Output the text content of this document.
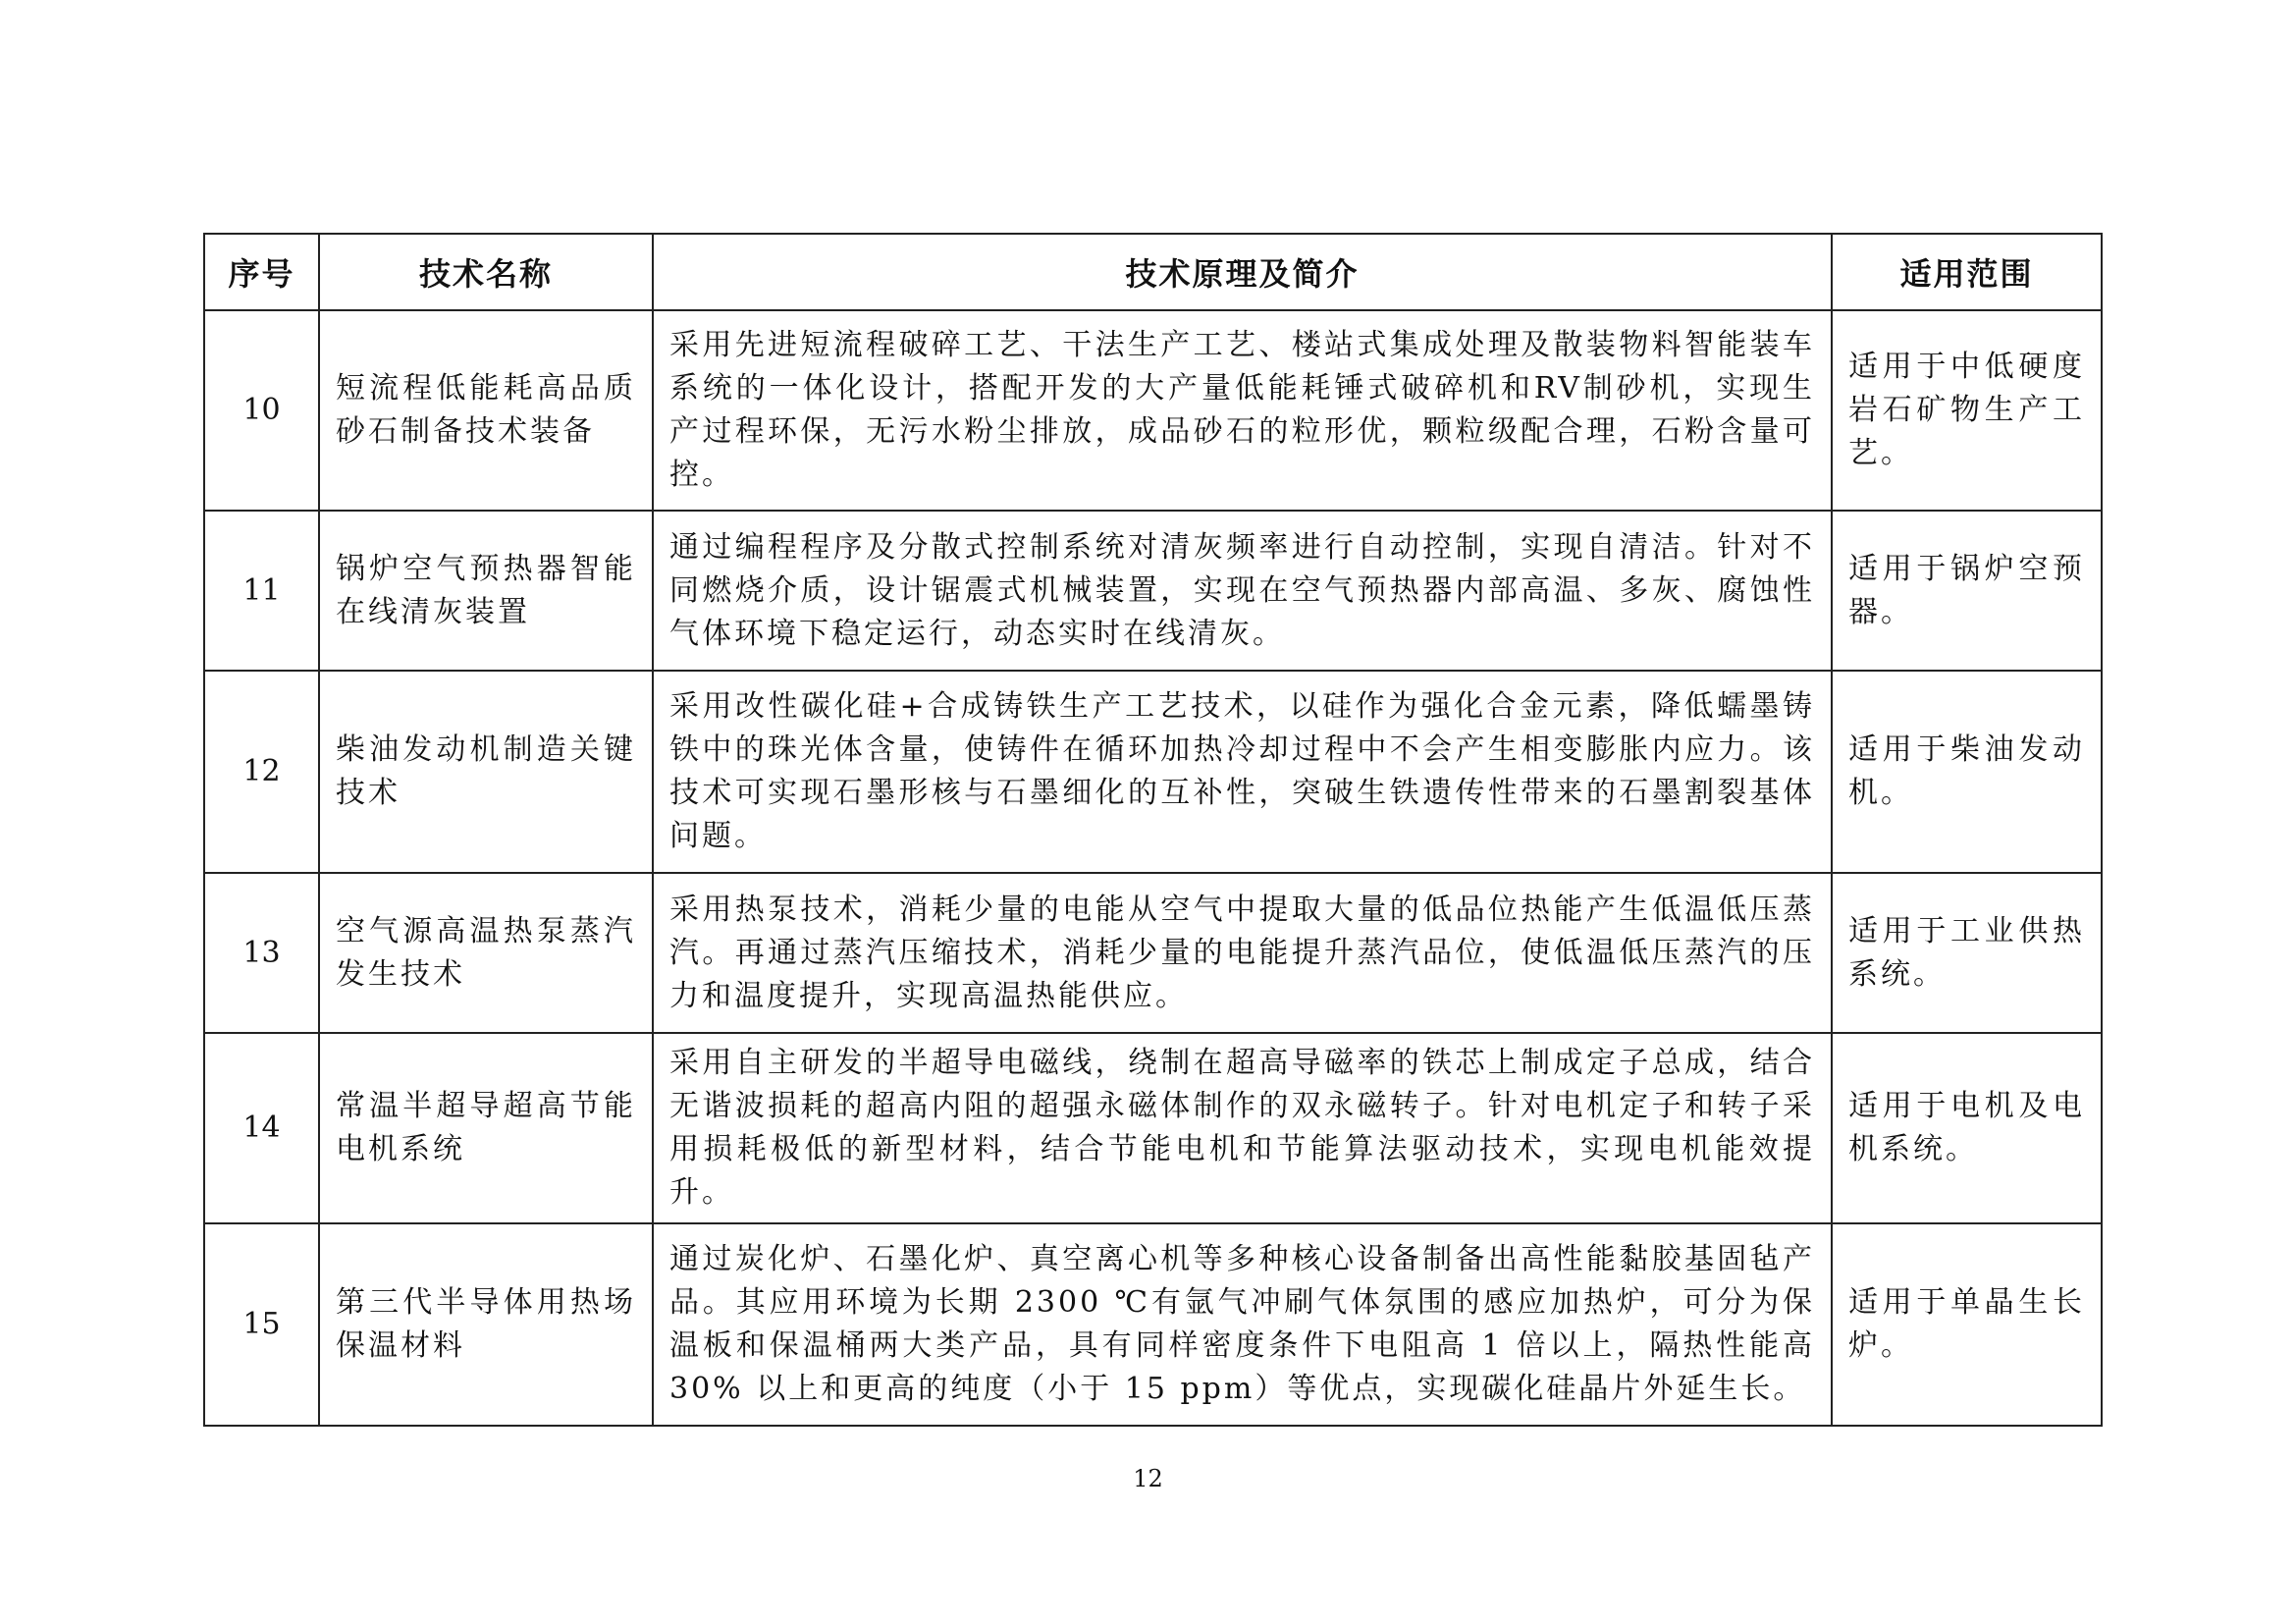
序号	技术名称	技术原理及简介	适用范围
10	短流程低能耗高品质砂石制备技术装备	采用先进短流程破碎工艺、干法生产工艺、楼站式集成处理及散装物料智能装车系统的一体化设计，搭配开发的大产量低能耗锤式破碎机和RV制砂机，实现生产过程环保，无污水粉尘排放，成品砂石的粒形优，颗粒级配合理，石粉含量可控。	适用于中低硬度岩石矿物生产工艺。
11	锅炉空气预热器智能在线清灰装置	通过编程程序及分散式控制系统对清灰频率进行自动控制，实现自清洁。针对不同燃烧介质，设计锯震式机械装置，实现在空气预热器内部高温、多灰、腐蚀性气体环境下稳定运行，动态实时在线清灰。	适用于锅炉空预器。
12	柴油发动机制造关键技术	采用改性碳化硅+合成铸铁生产工艺技术，以硅作为强化合金元素，降低蠕墨铸铁中的珠光体含量，使铸件在循环加热冷却过程中不会产生相变膨胀内应力。该技术可实现石墨形核与石墨细化的互补性，突破生铁遗传性带来的石墨割裂基体问题。	适用于柴油发动机。
13	空气源高温热泵蒸汽发生技术	采用热泵技术，消耗少量的电能从空气中提取大量的低品位热能产生低温低压蒸汽。再通过蒸汽压缩技术，消耗少量的电能提升蒸汽品位，使低温低压蒸汽的压力和温度提升，实现高温热能供应。	适用于工业供热系统。
14	常温半超导超高节能电机系统	采用自主研发的半超导电磁线，绕制在超高导磁率的铁芯上制成定子总成，结合无谐波损耗的超高内阻的超强永磁体制作的双永磁转子。针对电机定子和转子采用损耗极低的新型材料，结合节能电机和节能算法驱动技术，实现电机能效提升。	适用于电机及电机系统。
15	第三代半导体用热场保温材料	通过炭化炉、石墨化炉、真空离心机等多种核心设备制备出高性能黏胶基固毡产品。其应用环境为长期 2300 ℃有氩气冲刷气体氛围的感应加热炉，可分为保温板和保温桶两大类产品，具有同样密度条件下电阻高 1 倍以上，隔热性能高 30% 以上和更高的纯度（小于 15 ppm）等优点，实现碳化硅晶片外延生长。	适用于单晶生长炉。
12
